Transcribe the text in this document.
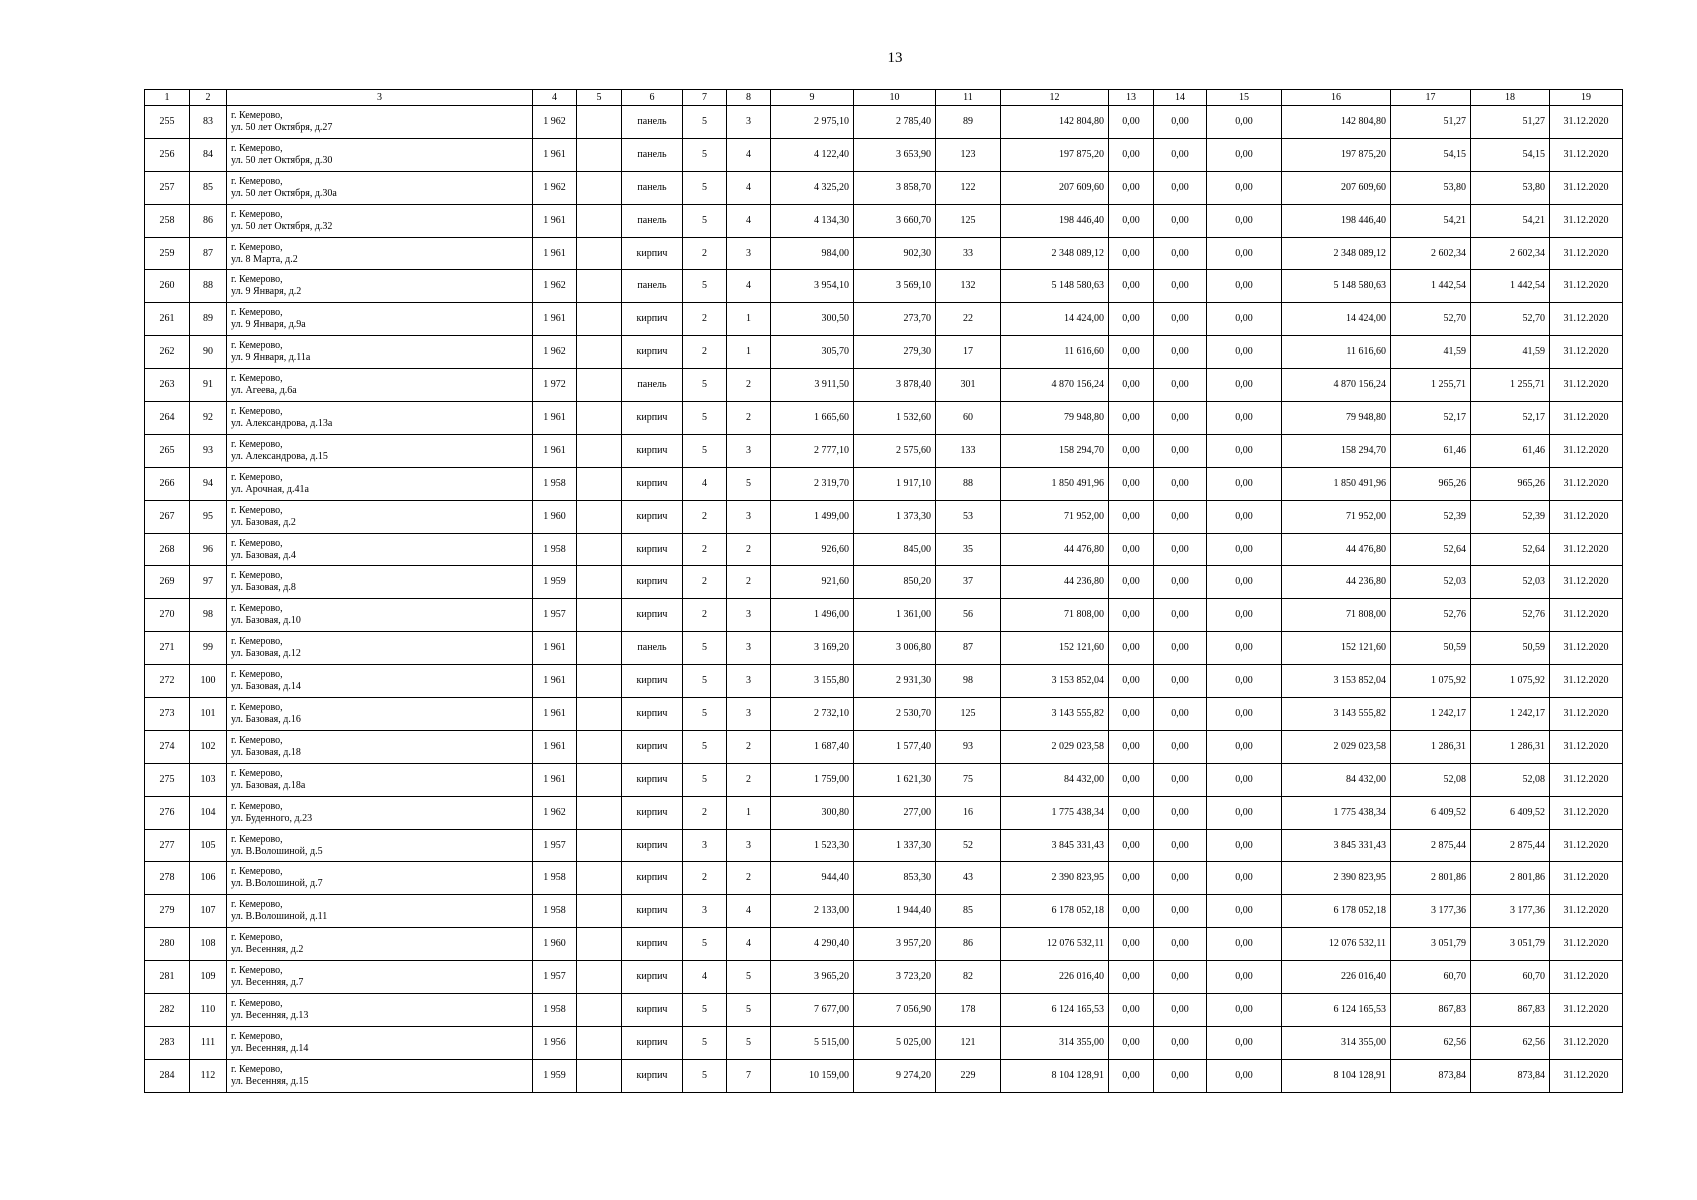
13
1	2	3	4	5	6	7	8	9	10	11	12	13	14	15	16	17	18	19
255	83	г. Кемерово,
ул. 50 лет Октября, д.27	1 962		панель	5	3	2 975,10	2 785,40	89	142 804,80	0,00	0,00	0,00	142 804,80	51,27	51,27	31.12.2020
256	84	г. Кемерово,
ул. 50 лет Октября, д.30	1 961		панель	5	4	4 122,40	3 653,90	123	197 875,20	0,00	0,00	0,00	197 875,20	54,15	54,15	31.12.2020
257	85	г. Кемерово,
ул. 50 лет Октября, д.30а	1 962		панель	5	4	4 325,20	3 858,70	122	207 609,60	0,00	0,00	0,00	207 609,60	53,80	53,80	31.12.2020
258	86	г. Кемерово,
ул. 50 лет Октября, д.32	1 961		панель	5	4	4 134,30	3 660,70	125	198 446,40	0,00	0,00	0,00	198 446,40	54,21	54,21	31.12.2020
259	87	г. Кемерово,
ул. 8 Марта, д.2	1 961		кирпич	2	3	984,00	902,30	33	2 348 089,12	0,00	0,00	0,00	2 348 089,12	2 602,34	2 602,34	31.12.2020
260	88	г. Кемерово,
ул. 9 Января, д.2	1 962		панель	5	4	3 954,10	3 569,10	132	5 148 580,63	0,00	0,00	0,00	5 148 580,63	1 442,54	1 442,54	31.12.2020
261	89	г. Кемерово,
ул. 9 Января, д.9а	1 961		кирпич	2	1	300,50	273,70	22	14 424,00	0,00	0,00	0,00	14 424,00	52,70	52,70	31.12.2020
262	90	г. Кемерово,
ул. 9 Января, д.11а	1 962		кирпич	2	1	305,70	279,30	17	11 616,60	0,00	0,00	0,00	11 616,60	41,59	41,59	31.12.2020
263	91	г. Кемерово,
ул. Агеева, д.6а	1 972		панель	5	2	3 911,50	3 878,40	301	4 870 156,24	0,00	0,00	0,00	4 870 156,24	1 255,71	1 255,71	31.12.2020
264	92	г. Кемерово,
ул. Александрова, д.13а	1 961		кирпич	5	2	1 665,60	1 532,60	60	79 948,80	0,00	0,00	0,00	79 948,80	52,17	52,17	31.12.2020
265	93	г. Кемерово,
ул. Александрова, д.15	1 961		кирпич	5	3	2 777,10	2 575,60	133	158 294,70	0,00	0,00	0,00	158 294,70	61,46	61,46	31.12.2020
266	94	г. Кемерово,
ул. Арочная, д.41а	1 958		кирпич	4	5	2 319,70	1 917,10	88	1 850 491,96	0,00	0,00	0,00	1 850 491,96	965,26	965,26	31.12.2020
267	95	г. Кемерово,
ул. Базовая, д.2	1 960		кирпич	2	3	1 499,00	1 373,30	53	71 952,00	0,00	0,00	0,00	71 952,00	52,39	52,39	31.12.2020
268	96	г. Кемерово,
ул. Базовая, д.4	1 958		кирпич	2	2	926,60	845,00	35	44 476,80	0,00	0,00	0,00	44 476,80	52,64	52,64	31.12.2020
269	97	г. Кемерово,
ул. Базовая, д.8	1 959		кирпич	2	2	921,60	850,20	37	44 236,80	0,00	0,00	0,00	44 236,80	52,03	52,03	31.12.2020
270	98	г. Кемерово,
ул. Базовая, д.10	1 957		кирпич	2	3	1 496,00	1 361,00	56	71 808,00	0,00	0,00	0,00	71 808,00	52,76	52,76	31.12.2020
271	99	г. Кемерово,
ул. Базовая, д.12	1 961		панель	5	3	3 169,20	3 006,80	87	152 121,60	0,00	0,00	0,00	152 121,60	50,59	50,59	31.12.2020
272	100	г. Кемерово,
ул. Базовая, д.14	1 961		кирпич	5	3	3 155,80	2 931,30	98	3 153 852,04	0,00	0,00	0,00	3 153 852,04	1 075,92	1 075,92	31.12.2020
273	101	г. Кемерово,
ул. Базовая, д.16	1 961		кирпич	5	3	2 732,10	2 530,70	125	3 143 555,82	0,00	0,00	0,00	3 143 555,82	1 242,17	1 242,17	31.12.2020
274	102	г. Кемерово,
ул. Базовая, д.18	1 961		кирпич	5	2	1 687,40	1 577,40	93	2 029 023,58	0,00	0,00	0,00	2 029 023,58	1 286,31	1 286,31	31.12.2020
275	103	г. Кемерово,
ул. Базовая, д.18а	1 961		кирпич	5	2	1 759,00	1 621,30	75	84 432,00	0,00	0,00	0,00	84 432,00	52,08	52,08	31.12.2020
276	104	г. Кемерово,
ул. Буденного, д.23	1 962		кирпич	2	1	300,80	277,00	16	1 775 438,34	0,00	0,00	0,00	1 775 438,34	6 409,52	6 409,52	31.12.2020
277	105	г. Кемерово,
ул. В.Волошиной, д.5	1 957		кирпич	3	3	1 523,30	1 337,30	52	3 845 331,43	0,00	0,00	0,00	3 845 331,43	2 875,44	2 875,44	31.12.2020
278	106	г. Кемерово,
ул. В.Волошиной, д.7	1 958		кирпич	2	2	944,40	853,30	43	2 390 823,95	0,00	0,00	0,00	2 390 823,95	2 801,86	2 801,86	31.12.2020
279	107	г. Кемерово,
ул. В.Волошиной, д.11	1 958		кирпич	3	4	2 133,00	1 944,40	85	6 178 052,18	0,00	0,00	0,00	6 178 052,18	3 177,36	3 177,36	31.12.2020
280	108	г. Кемерово,
ул. Весенняя, д.2	1 960		кирпич	5	4	4 290,40	3 957,20	86	12 076 532,11	0,00	0,00	0,00	12 076 532,11	3 051,79	3 051,79	31.12.2020
281	109	г. Кемерово,
ул. Весенняя, д.7	1 957		кирпич	4	5	3 965,20	3 723,20	82	226 016,40	0,00	0,00	0,00	226 016,40	60,70	60,70	31.12.2020
282	110	г. Кемерово,
ул. Весенняя, д.13	1 958		кирпич	5	5	7 677,00	7 056,90	178	6 124 165,53	0,00	0,00	0,00	6 124 165,53	867,83	867,83	31.12.2020
283	111	г. Кемерово,
ул. Весенняя, д.14	1 956		кирпич	5	5	5 515,00	5 025,00	121	314 355,00	0,00	0,00	0,00	314 355,00	62,56	62,56	31.12.2020
284	112	г. Кемерово,
ул. Весенняя, д.15	1 959		кирпич	5	7	10 159,00	9 274,20	229	8 104 128,91	0,00	0,00	0,00	8 104 128,91	873,84	873,84	31.12.2020
